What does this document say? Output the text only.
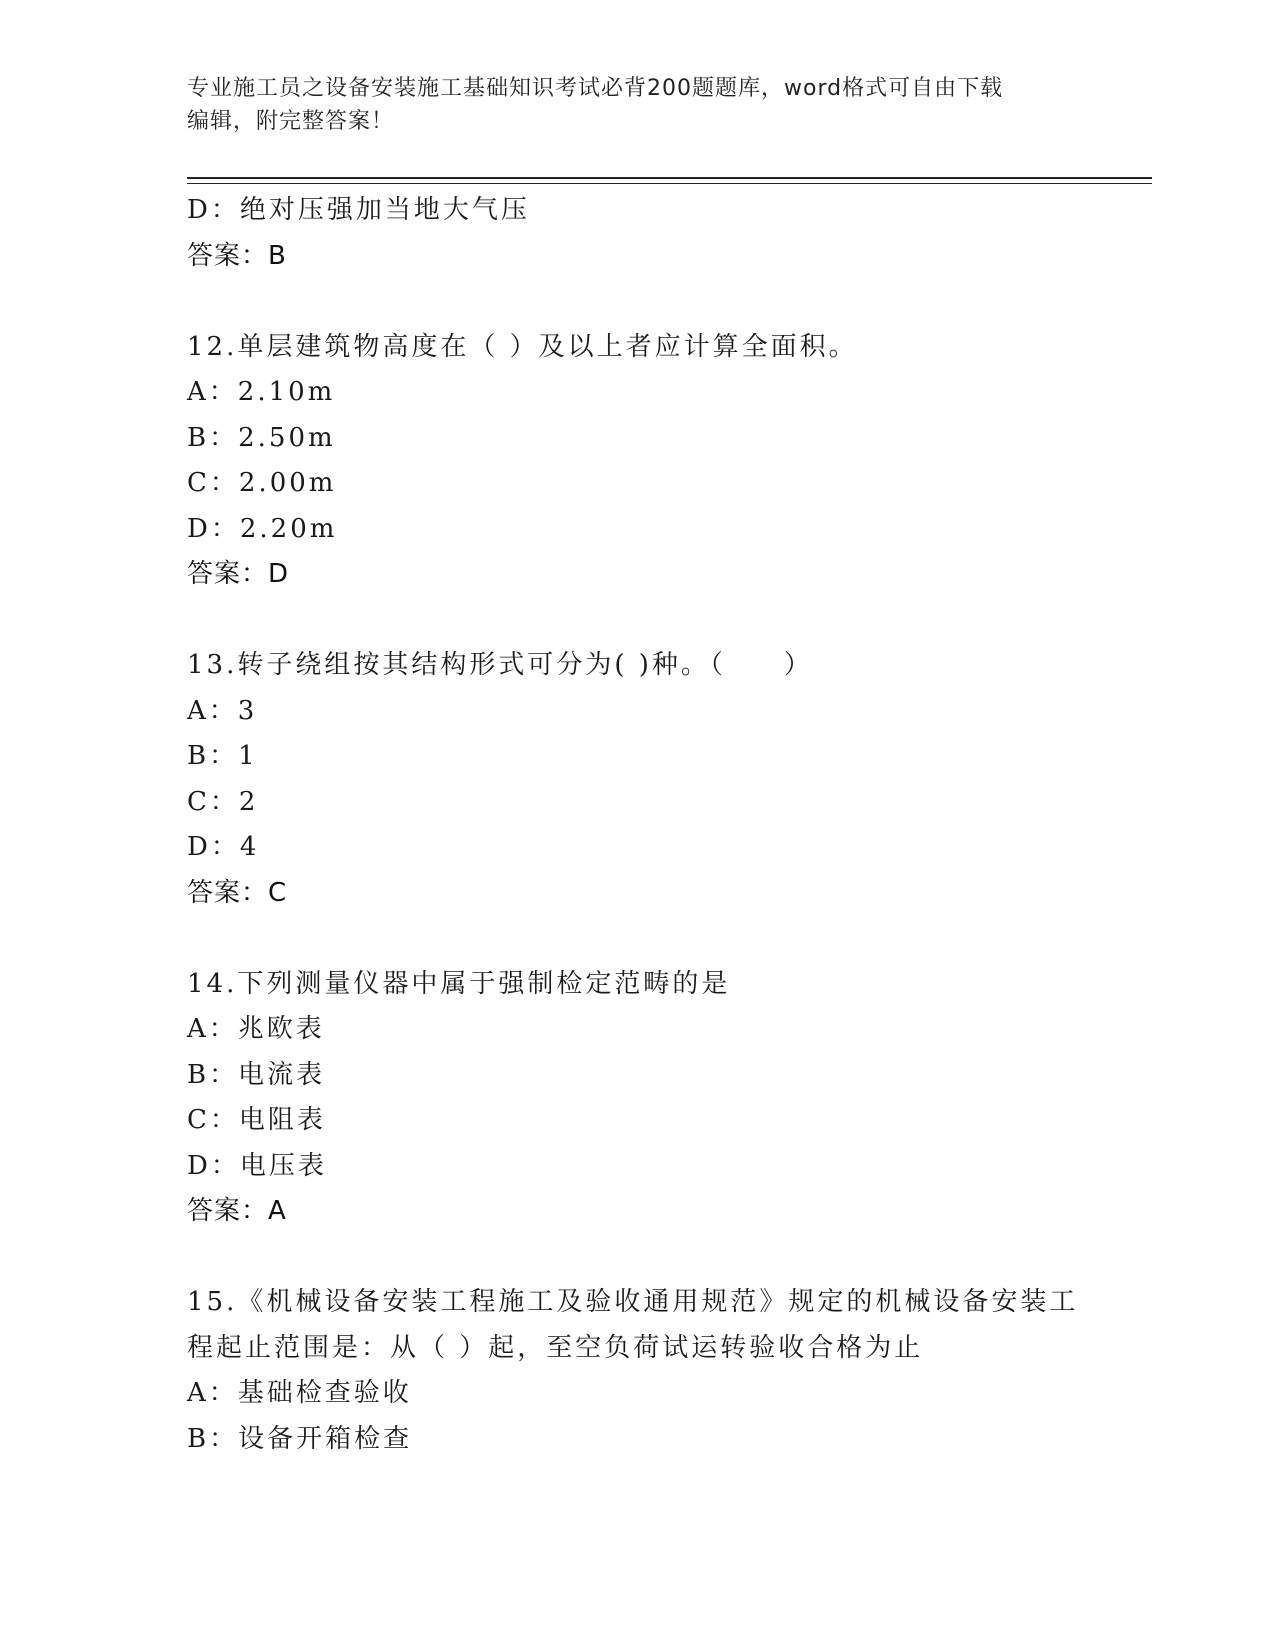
专业施工员之设备安装施工基础知识考试必背200题题库，word格式可自由下载
编辑，附完整答案！
D：绝对压强加当地大气压
答案：B
12.单层建筑物高度在（ ）及以上者应计算全面积。
A：2.10m
B：2.50m
C：2.00m
D：2.20m
答案：D
13.转子绕组按其结构形式可分为( )种。（　　）
A：3
B：1
C：2
D：4
答案：C
14.下列测量仪器中属于强制检定范畴的是
A：兆欧表
B：电流表
C：电阻表
D：电压表
答案：A
15.《机械设备安装工程施工及验收通用规范》规定的机械设备安装工
程起止范围是：从（ ）起，至空负荷试运转验收合格为止
A：基础检查验收
B：设备开箱检查
